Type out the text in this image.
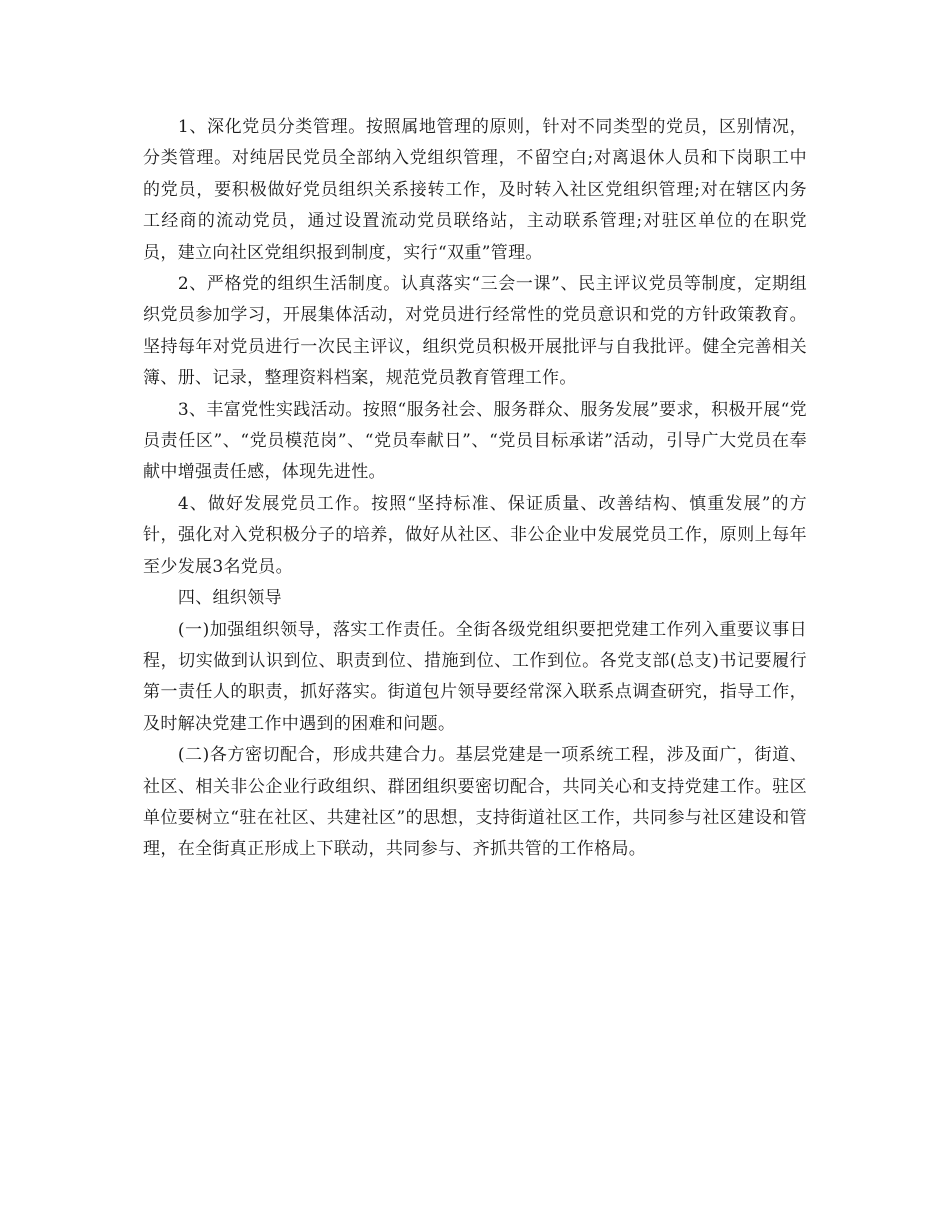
1、深化党员分类管理。按照属地管理的原则，针对不同类型的党员，区别情况，分类管理。对纯居民党员全部纳入党组织管理，不留空白;对离退休人员和下岗职工中的党员，要积极做好党员组织关系接转工作，及时转入社区党组织管理;对在辖区内务工经商的流动党员，通过设置流动党员联络站，主动联系管理;对驻区单位的在职党员，建立向社区党组织报到制度，实行“双重”管理。

2、严格党的组织生活制度。认真落实“三会一课”、民主评议党员等制度，定期组织党员参加学习，开展集体活动，对党员进行经常性的党员意识和党的方针政策教育。坚持每年对党员进行一次民主评议，组织党员积极开展批评与自我批评。健全完善相关簿、册、记录，整理资料档案，规范党员教育管理工作。

3、丰富党性实践活动。按照“服务社会、服务群众、服务发展”要求，积极开展“党员责任区”、“党员模范岗”、“党员奉献日”、“党员目标承诺”活动，引导广大党员在奉献中增强责任感，体现先进性。

4、做好发展党员工作。按照“坚持标准、保证质量、改善结构、慎重发展”的方针，强化对入党积极分子的培养，做好从社区、非公企业中发展党员工作，原则上每年至少发展3名党员。

四、组织领导

(一)加强组织领导，落实工作责任。全街各级党组织要把党建工作列入重要议事日程，切实做到认识到位、职责到位、措施到位、工作到位。各党支部(总支)书记要履行第一责任人的职责，抓好落实。街道包片领导要经常深入联系点调查研究，指导工作，及时解决党建工作中遇到的困难和问题。

(二)各方密切配合，形成共建合力。基层党建是一项系统工程，涉及面广，街道、社区、相关非公企业行政组织、群团组织要密切配合，共同关心和支持党建工作。驻区单位要树立“驻在社区、共建社区”的思想，支持街道社区工作，共同参与社区建设和管理，在全街真正形成上下联动，共同参与、齐抓共管的工作格局。
